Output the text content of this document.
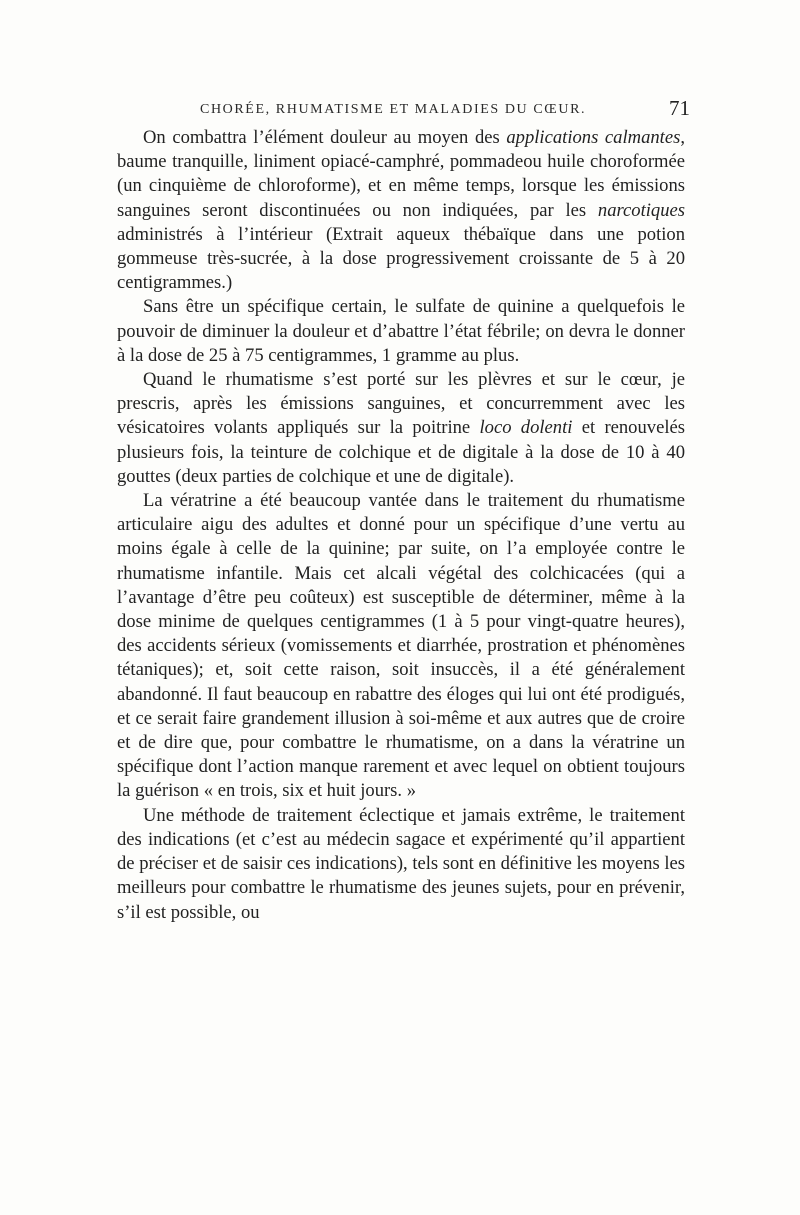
CHORÉE, RHUMATISME ET MALADIES DU CŒUR.	71

On combattra l’élément douleur au moyen des applications calmantes, baume tranquille, liniment opiacé-camphré, pommadeou huile choroformée (un cinquième de chloroforme), et en même temps, lorsque les émissions sanguines seront discontinuées ou non indiquées, par les narcotiques administrés à l’intérieur (Extrait aqueux thébaïque dans une potion gommeuse très-sucrée, à la dose progressivement croissante de 5 à 20 centigrammes.)

Sans être un spécifique certain, le sulfate de quinine a quelquefois le pouvoir de diminuer la douleur et d’abattre l’état fébrile; on devra le donner à la dose de 25 à 75 centigrammes, 1 gramme au plus.

Quand le rhumatisme s’est porté sur les plèvres et sur le cœur, je prescris, après les émissions sanguines, et concurremment avec les vésicatoires volants appliqués sur la poitrine loco dolenti et renouvelés plusieurs fois, la teinture de colchique et de digitale à la dose de 10 à 40 gouttes (deux parties de colchique et une de digitale).

La vératrine a été beaucoup vantée dans le traitement du rhumatisme articulaire aigu des adultes et donné pour un spécifique d’une vertu au moins égale à celle de la quinine; par suite, on l’a employée contre le rhumatisme infantile. Mais cet alcali végétal des colchicacées (qui a l’avantage d’être peu coûteux) est susceptible de déterminer, même à la dose minime de quelques centigrammes (1 à 5 pour vingt-quatre heures), des accidents sérieux (vomissements et diarrhée, prostration et phénomènes tétaniques); et, soit cette raison, soit insuccès, il a été généralement abandonné. Il faut beaucoup en rabattre des éloges qui lui ont été prodigués, et ce serait faire grandement illusion à soi-même et aux autres que de croire et de dire que, pour combattre le rhumatisme, on a dans la vératrine un spécifique dont l’action manque rarement et avec lequel on obtient toujours la guérison « en trois, six et huit jours. »

Une méthode de traitement éclectique et jamais extrême, le traitement des indications (et c’est au médecin sagace et expérimenté qu’il appartient de préciser et de saisir ces indications), tels sont en définitive les moyens les meilleurs pour combattre le rhumatisme des jeunes sujets, pour en prévenir, s’il est possible, ou
